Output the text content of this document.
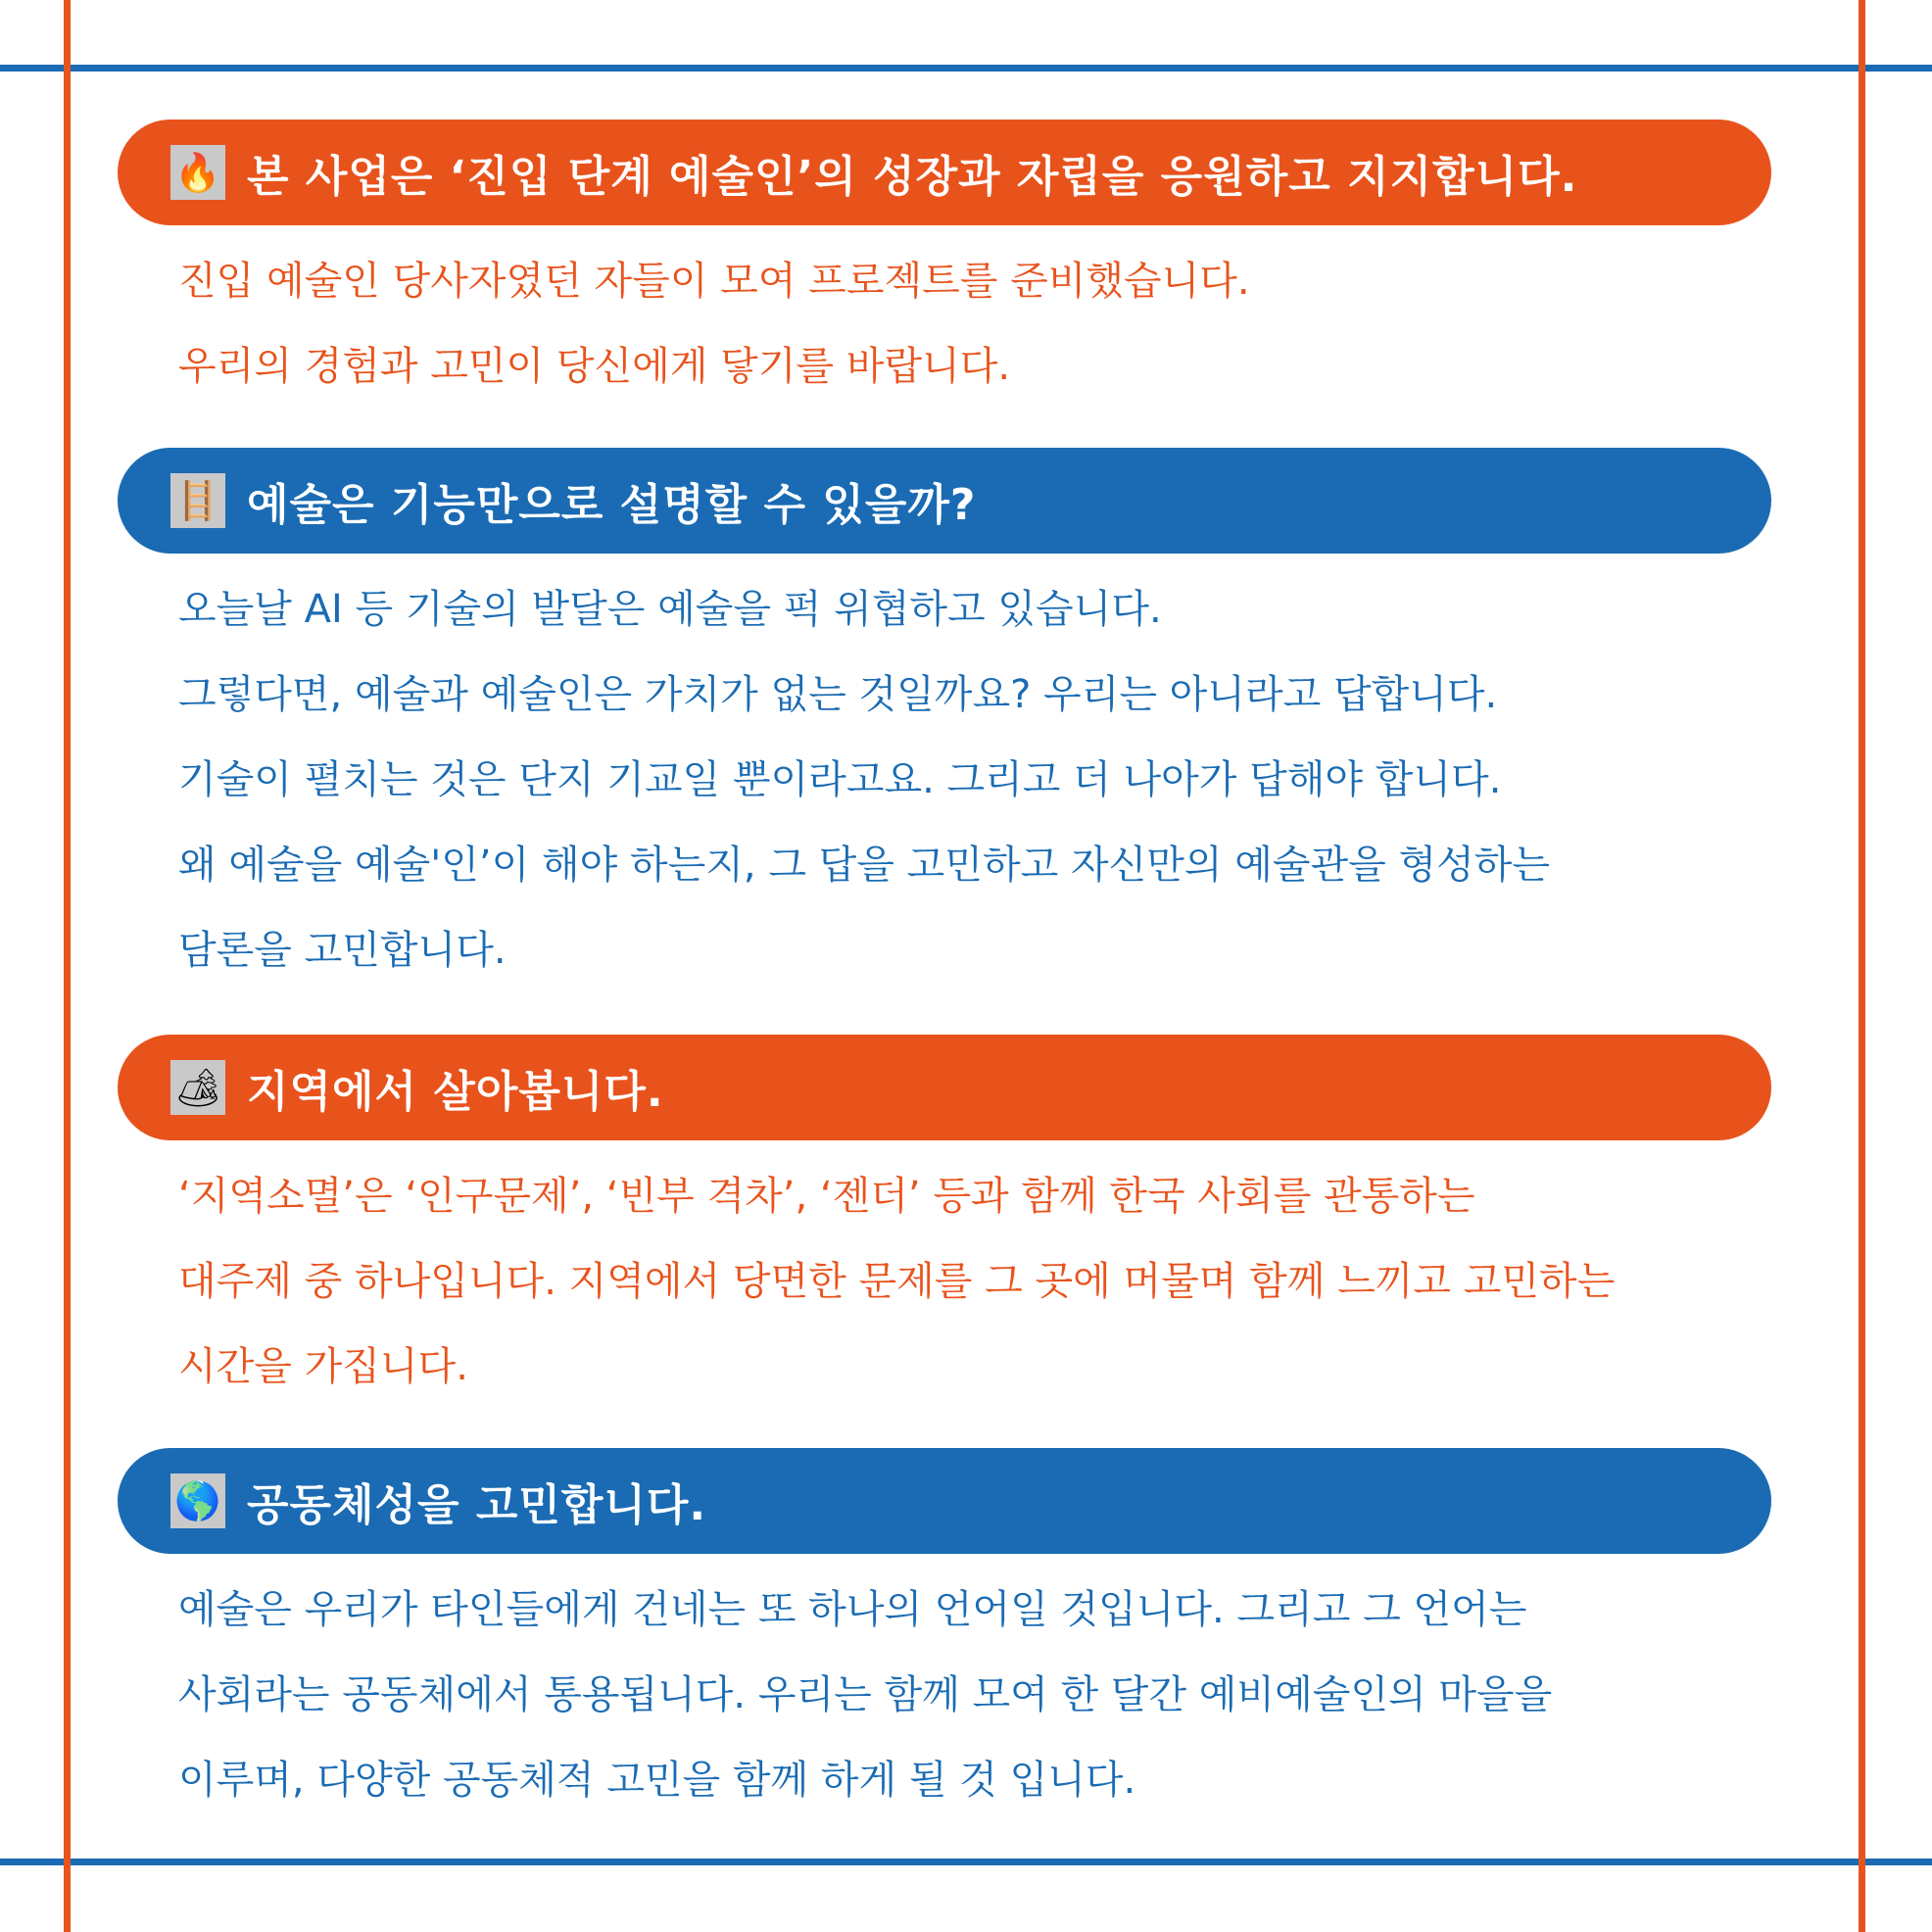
🔥 본 사업은 ‘진입 단계 예술인’의 성장과 자립을 응원하고 지지합니다.
진입 예술인 당사자였던 자들이 모여 프로젝트를 준비했습니다.
우리의 경험과 고민이 당신에게 닿기를 바랍니다.
🪜 예술은 기능만으로 설명할 수 있을까?
오늘날 AI 등 기술의 발달은 예술을 퍽 위협하고 있습니다.
그렇다면, 예술과 예술인은 가치가 없는 것일까요? 우리는 아니라고 답합니다.
기술이 펼치는 것은 단지 기교일 뿐이라고요. 그리고 더 나아가 답해야 합니다.
왜 예술을 예술'인’이 해야 하는지, 그 답을 고민하고 자신만의 예술관을 형성하는
담론을 고민합니다.
🏕 지역에서 살아봅니다.
‘지역소멸’은 ‘인구문제’, ‘빈부 격차’, ‘젠더’ 등과 함께 한국 사회를 관통하는
대주제 중 하나입니다. 지역에서 당면한 문제를 그 곳에 머물며 함께 느끼고 고민하는
시간을 가집니다.
🌎 공동체성을 고민합니다.
예술은 우리가 타인들에게 건네는 또 하나의 언어일 것입니다. 그리고 그 언어는
사회라는 공동체에서 통용됩니다. 우리는 함께 모여 한 달간 예비예술인의 마을을
이루며, 다양한 공동체적 고민을 함께 하게 될 것 입니다.
